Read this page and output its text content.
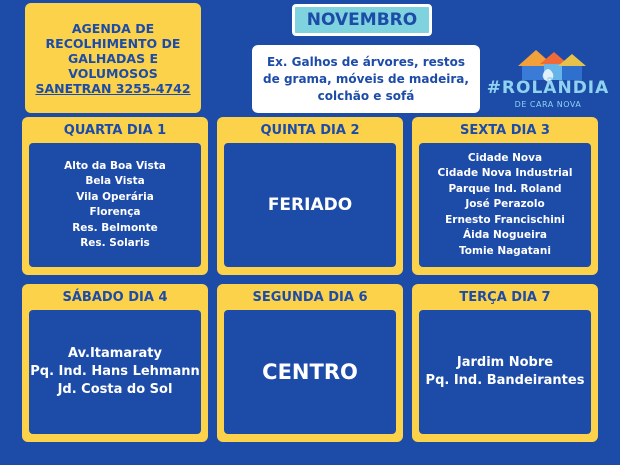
AGENDA DE
RECOLHIMENTO DE
GALHADAS E
VOLUMOSOS
SANETRAN 3255-4742
NOVEMBRO
Ex. Galhos de árvores, restos
de grama, móveis de madeira,
colchão e sofá	#ROLÂNDIA
DE CARA NOVA
QUARTA DIA 1
Alto da Boa Vista
Bela Vista
Vila Operária
Florença
Res. Belmonte
Res. Solaris
QUINTA DIA 2
FERIADO
SEXTA DIA 3
Cidade Nova
Cidade Nova Industrial
Parque Ind. Roland
José Perazolo
Ernesto Francischini
Áida Nogueira
Tomie Nagatani
SÁBADO DIA 4
Av.Itamaraty
Pq. Ind. Hans Lehmann
Jd. Costa do Sol
SEGUNDA DIA 6
CENTRO
TERÇA DIA 7
Jardim Nobre
Pq. Ind. Bandeirantes
